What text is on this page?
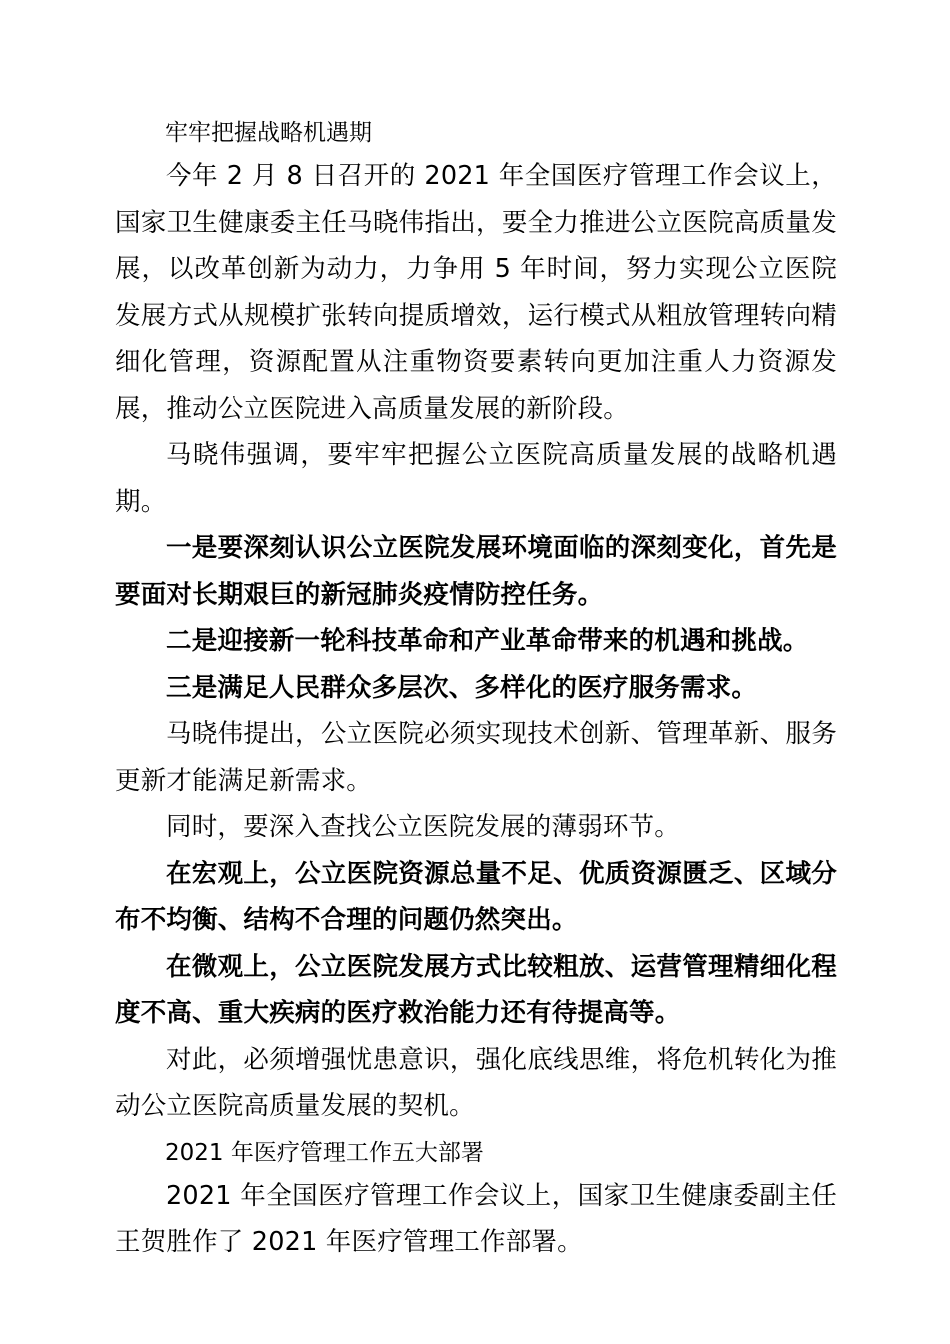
牢牢把握战略机遇期

今年 2 月 8 日召开的 2021 年全国医疗管理工作会议上，国家卫生健康委主任马晓伟指出，要全力推进公立医院高质量发展，以改革创新为动力，力争用 5 年时间，努力实现公立医院发展方式从规模扩张转向提质增效，运行模式从粗放管理转向精细化管理，资源配置从注重物资要素转向更加注重人力资源发展，推动公立医院进入高质量发展的新阶段。

马晓伟强调，要牢牢把握公立医院高质量发展的战略机遇期。

一是要深刻认识公立医院发展环境面临的深刻变化，首先是要面对长期艰巨的新冠肺炎疫情防控任务。

二是迎接新一轮科技革命和产业革命带来的机遇和挑战。

三是满足人民群众多层次、多样化的医疗服务需求。

马晓伟提出，公立医院必须实现技术创新、管理革新、服务更新才能满足新需求。

同时，要深入查找公立医院发展的薄弱环节。

在宏观上，公立医院资源总量不足、优质资源匮乏、区域分布不均衡、结构不合理的问题仍然突出。

在微观上，公立医院发展方式比较粗放、运营管理精细化程度不高、重大疾病的医疗救治能力还有待提高等。

对此，必须增强忧患意识，强化底线思维，将危机转化为推动公立医院高质量发展的契机。

2021 年医疗管理工作五大部署

2021 年全国医疗管理工作会议上，国家卫生健康委副主任王贺胜作了 2021 年医疗管理工作部署。
